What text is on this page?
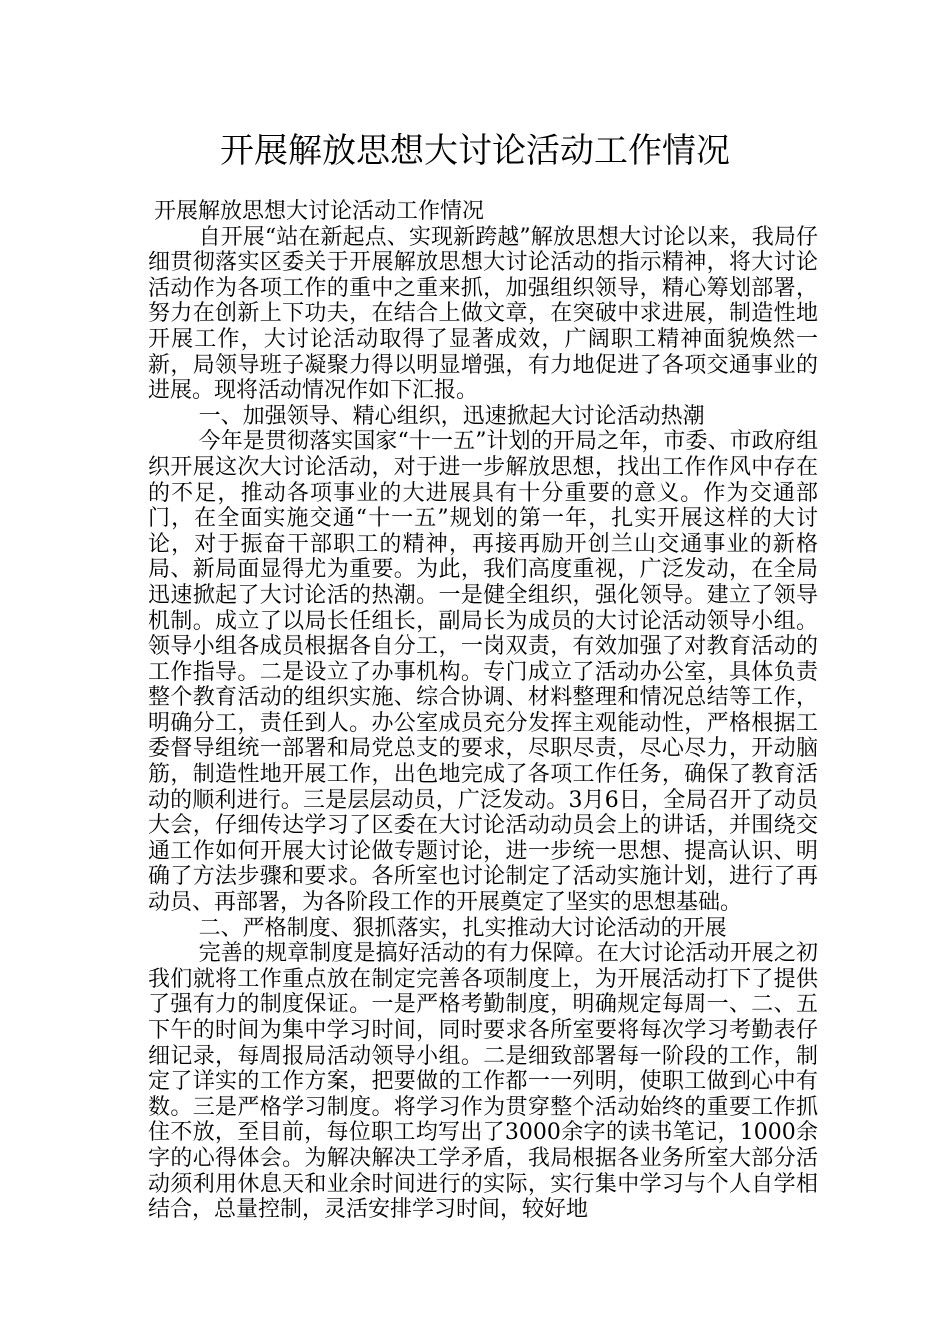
开展解放思想大讨论活动工作情况

开展解放思想大讨论活动工作情况

自开展“站在新起点、实现新跨越”解放思想大讨论以来，我局仔细贯彻落实区委关于开展解放思想大讨论活动的指示精神，将大讨论活动作为各项工作的重中之重来抓，加强组织领导，精心筹划部署，努力在创新上下功夫，在结合上做文章，在突破中求进展，制造性地开展工作，大讨论活动取得了显著成效，广阔职工精神面貌焕然一新，局领导班子凝聚力得以明显增强，有力地促进了各项交通事业的进展。现将活动情况作如下汇报。

一、加强领导、精心组织，迅速掀起大讨论活动热潮

今年是贯彻落实国家“十一五”计划的开局之年，市委、市政府组织开展这次大讨论活动，对于进一步解放思想，找出工作作风中存在的不足，推动各项事业的大进展具有十分重要的意义。作为交通部门，在全面实施交通“十一五”规划的第一年，扎实开展这样的大讨论，对于振奋干部职工的精神，再接再励开创兰山交通事业的新格局、新局面显得尤为重要。为此，我们高度重视，广泛发动，在全局迅速掀起了大讨论活的热潮。一是健全组织，强化领导。建立了领导机制。成立了以局长任组长，副局长为成员的大讨论活动领导小组。领导小组各成员根据各自分工，一岗双责，有效加强了对教育活动的工作指导。二是设立了办事机构。专门成立了活动办公室，具体负责整个教育活动的组织实施、综合协调、材料整理和情况总结等工作，明确分工，责任到人。办公室成员充分发挥主观能动性，严格根据工委督导组统一部署和局党总支的要求，尽职尽责，尽心尽力，开动脑筋，制造性地开展工作，出色地完成了各项工作任务，确保了教育活动的顺利进行。三是层层动员，广泛发动。3月6日，全局召开了动员大会，仔细传达学习了区委在大讨论活动动员会上的讲话，并围绕交通工作如何开展大讨论做专题讨论，进一步统一思想、提高认识、明确了方法步骤和要求。各所室也讨论制定了活动实施计划，进行了再动员、再部署，为各阶段工作的开展奠定了坚实的思想基础。

二、严格制度、狠抓落实，扎实推动大讨论活动的开展

完善的规章制度是搞好活动的有力保障。在大讨论活动开展之初我们就将工作重点放在制定完善各项制度上，为开展活动打下了提供了强有力的制度保证。一是严格考勤制度，明确规定每周一、二、五下午的时间为集中学习时间，同时要求各所室要将每次学习考勤表仔细记录，每周报局活动领导小组。二是细致部署每一阶段的工作，制定了详实的工作方案，把要做的工作都一一列明，使职工做到心中有数。三是严格学习制度。将学习作为贯穿整个活动始终的重要工作抓住不放，至目前，每位职工均写出了3000余字的读书笔记，1000余字的心得体会。为解决解决工学矛盾，我局根据各业务所室大部分活动须利用休息天和业余时间进行的实际，实行集中学习与个人自学相结合，总量控制，灵活安排学习时间，较好地
